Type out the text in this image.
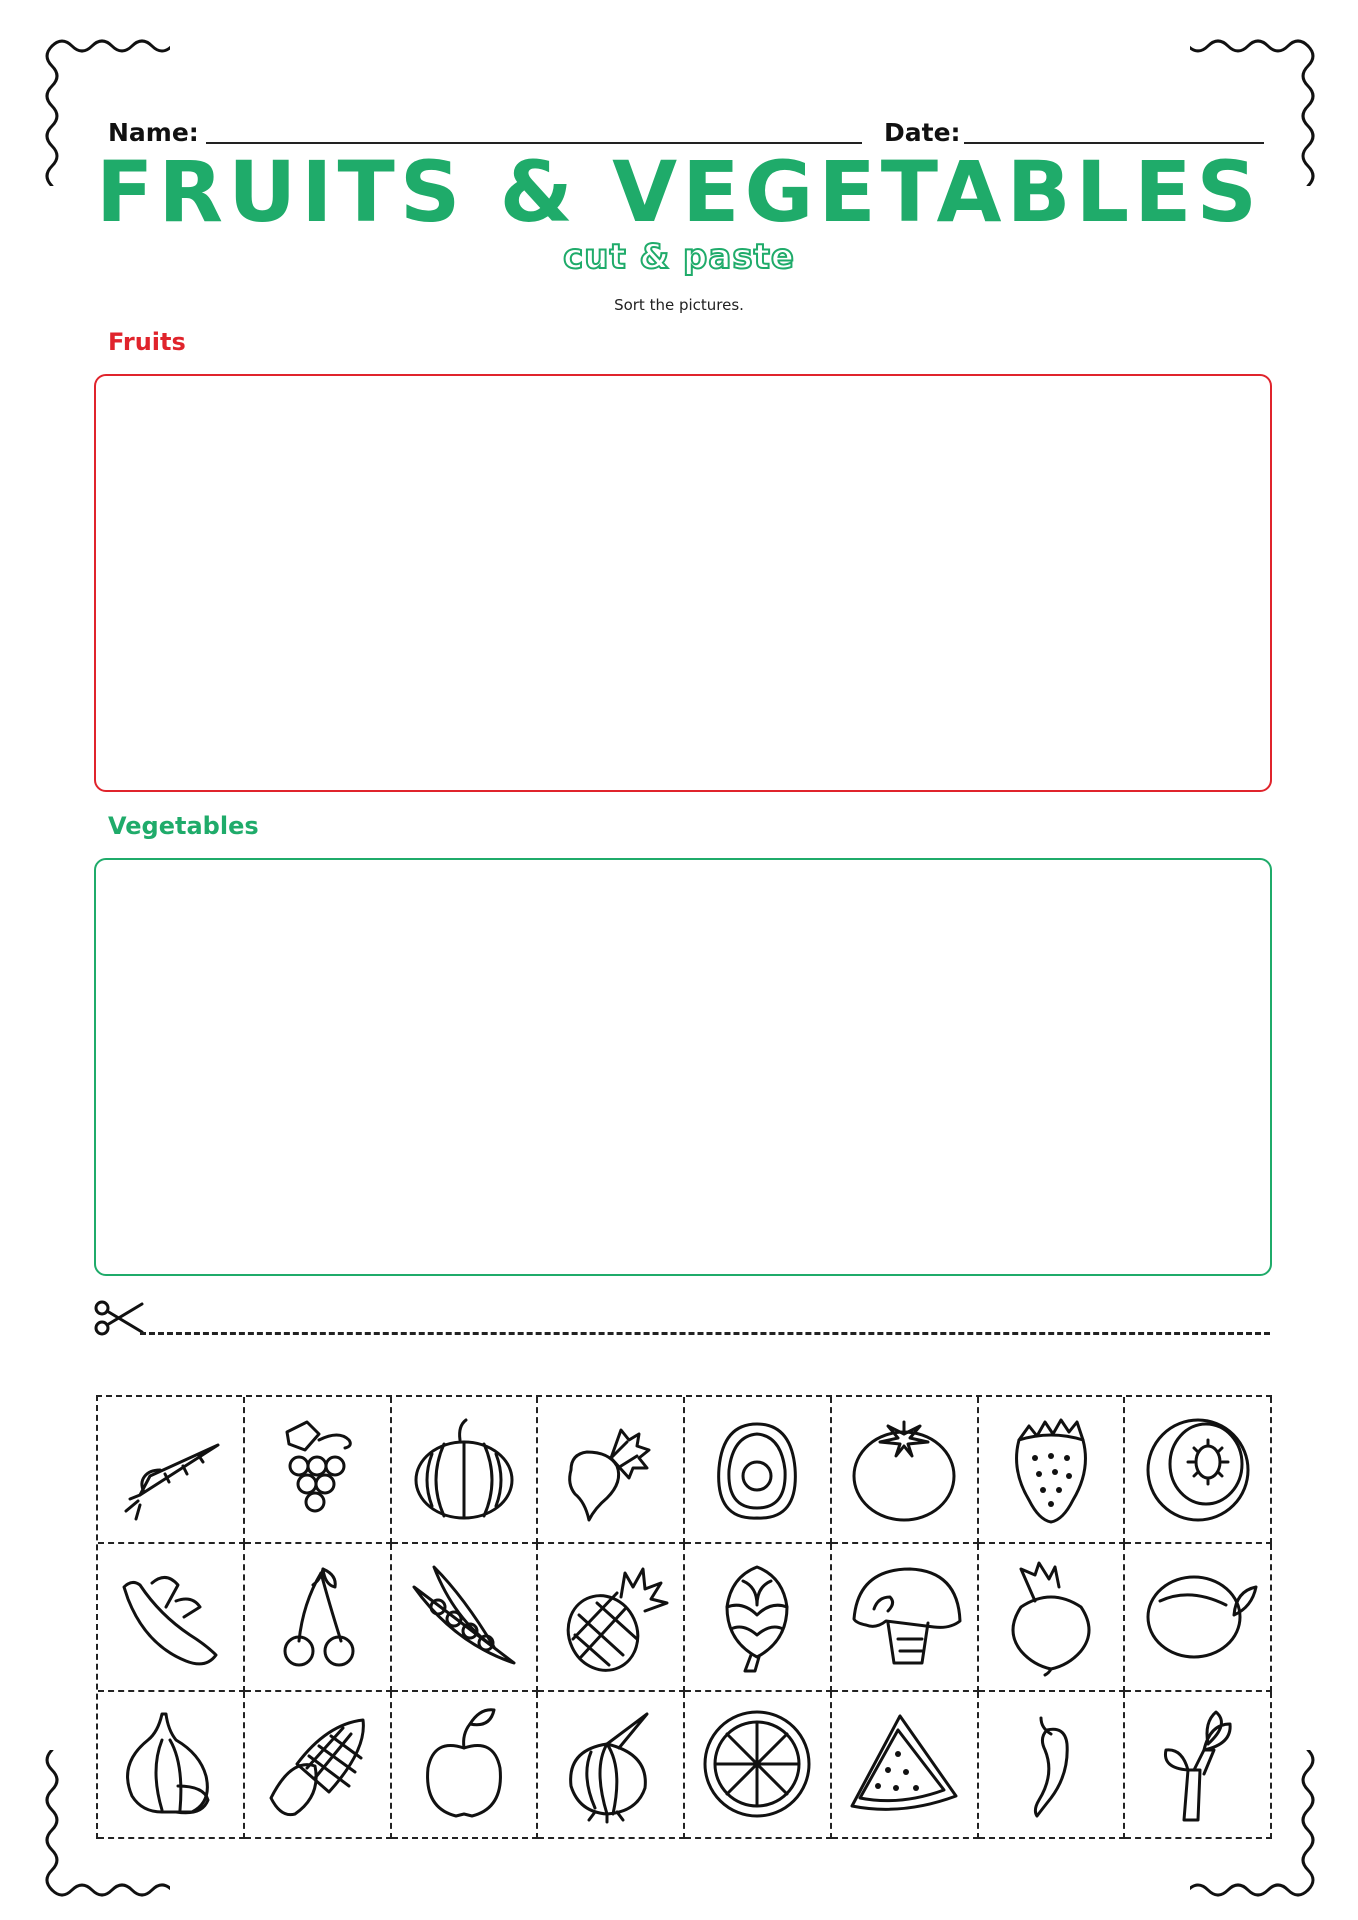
Name:	Date:
FRUITS & VEGETABLES
cut & paste
Sort the pictures.
Fruits
Vegetables
